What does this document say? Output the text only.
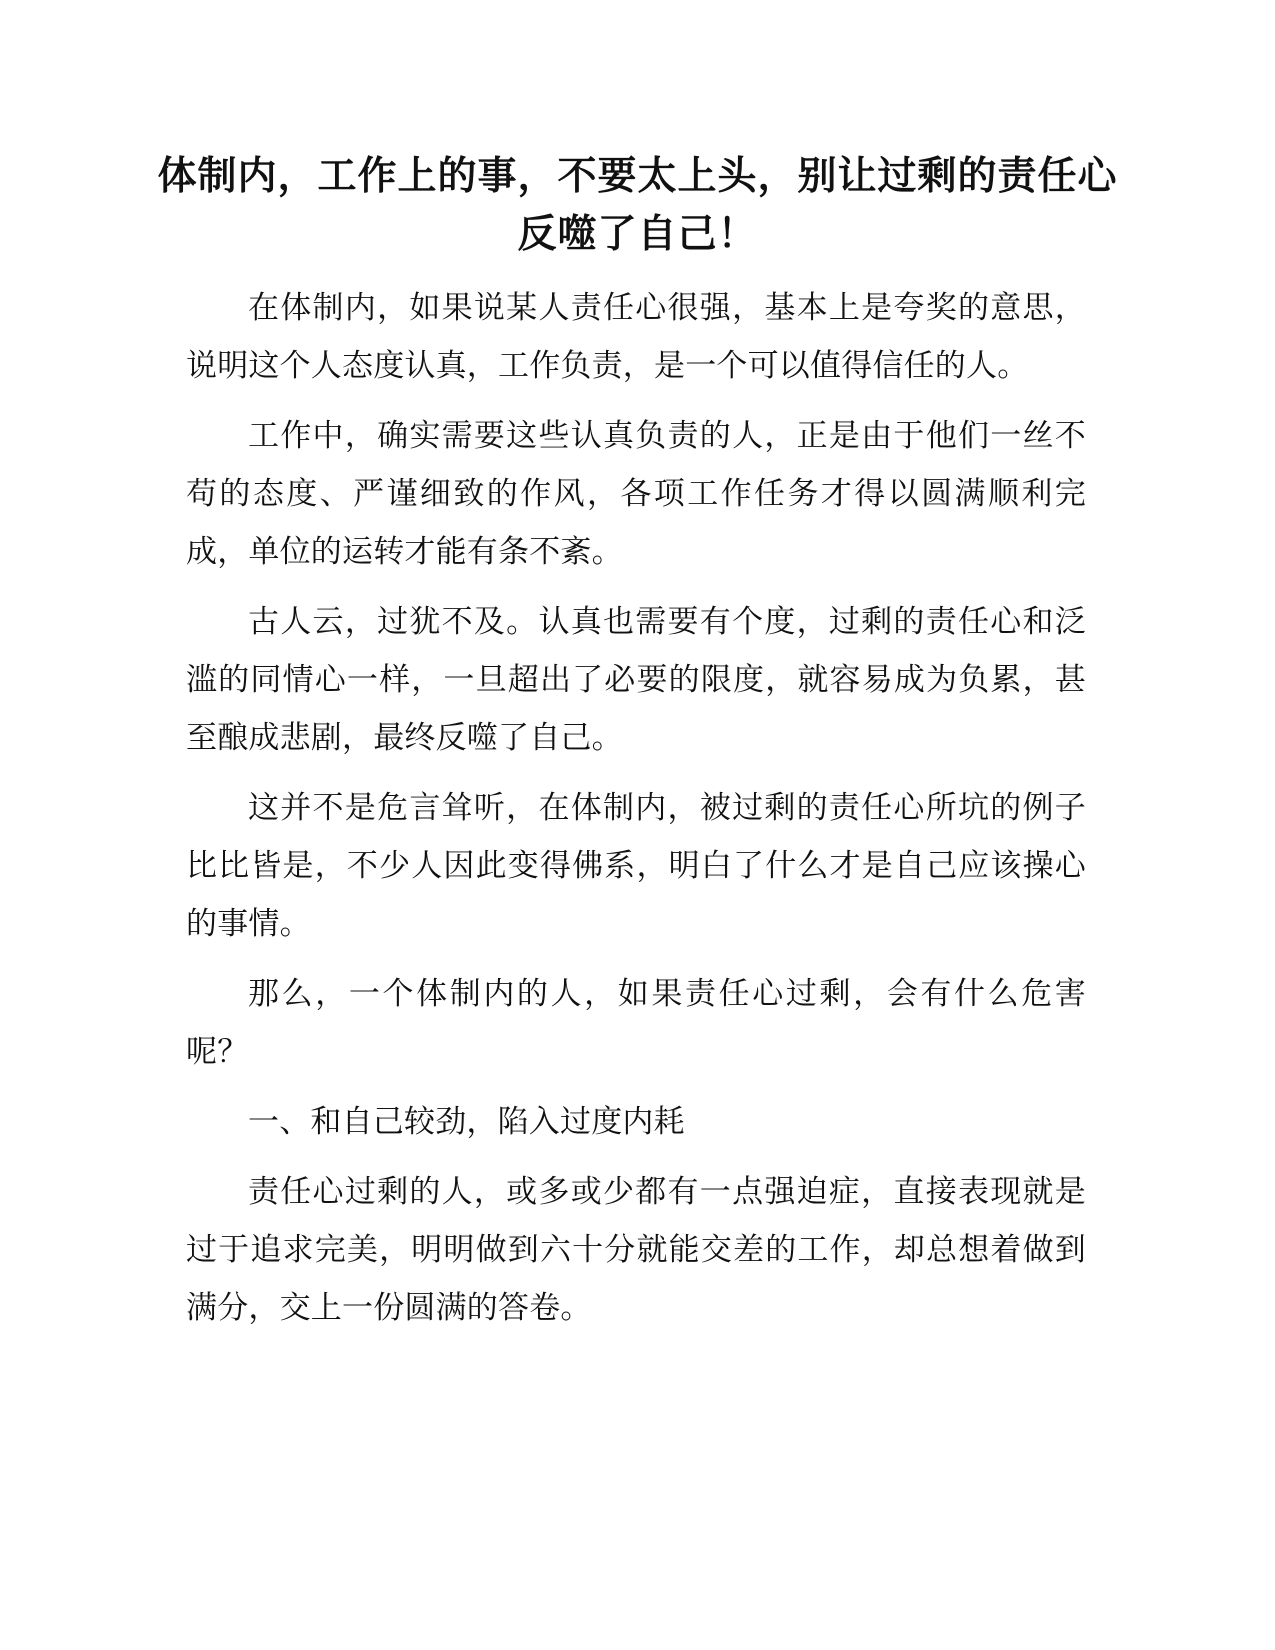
体制内，工作上的事，不要太上头，别让过剩的责任心反噬了自己！

在体制内，如果说某人责任心很强，基本上是夸奖的意思，说明这个人态度认真，工作负责，是一个可以值得信任的人。

工作中，确实需要这些认真负责的人，正是由于他们一丝不苟的态度、严谨细致的作风，各项工作任务才得以圆满顺利完成，单位的运转才能有条不紊。

古人云，过犹不及。认真也需要有个度，过剩的责任心和泛滥的同情心一样，一旦超出了必要的限度，就容易成为负累，甚至酿成悲剧，最终反噬了自己。

这并不是危言耸听，在体制内，被过剩的责任心所坑的例子比比皆是，不少人因此变得佛系，明白了什么才是自己应该操心的事情。

那么，一个体制内的人，如果责任心过剩，会有什么危害呢？

一、和自己较劲，陷入过度内耗

责任心过剩的人，或多或少都有一点强迫症，直接表现就是过于追求完美，明明做到六十分就能交差的工作，却总想着做到满分，交上一份圆满的答卷。
